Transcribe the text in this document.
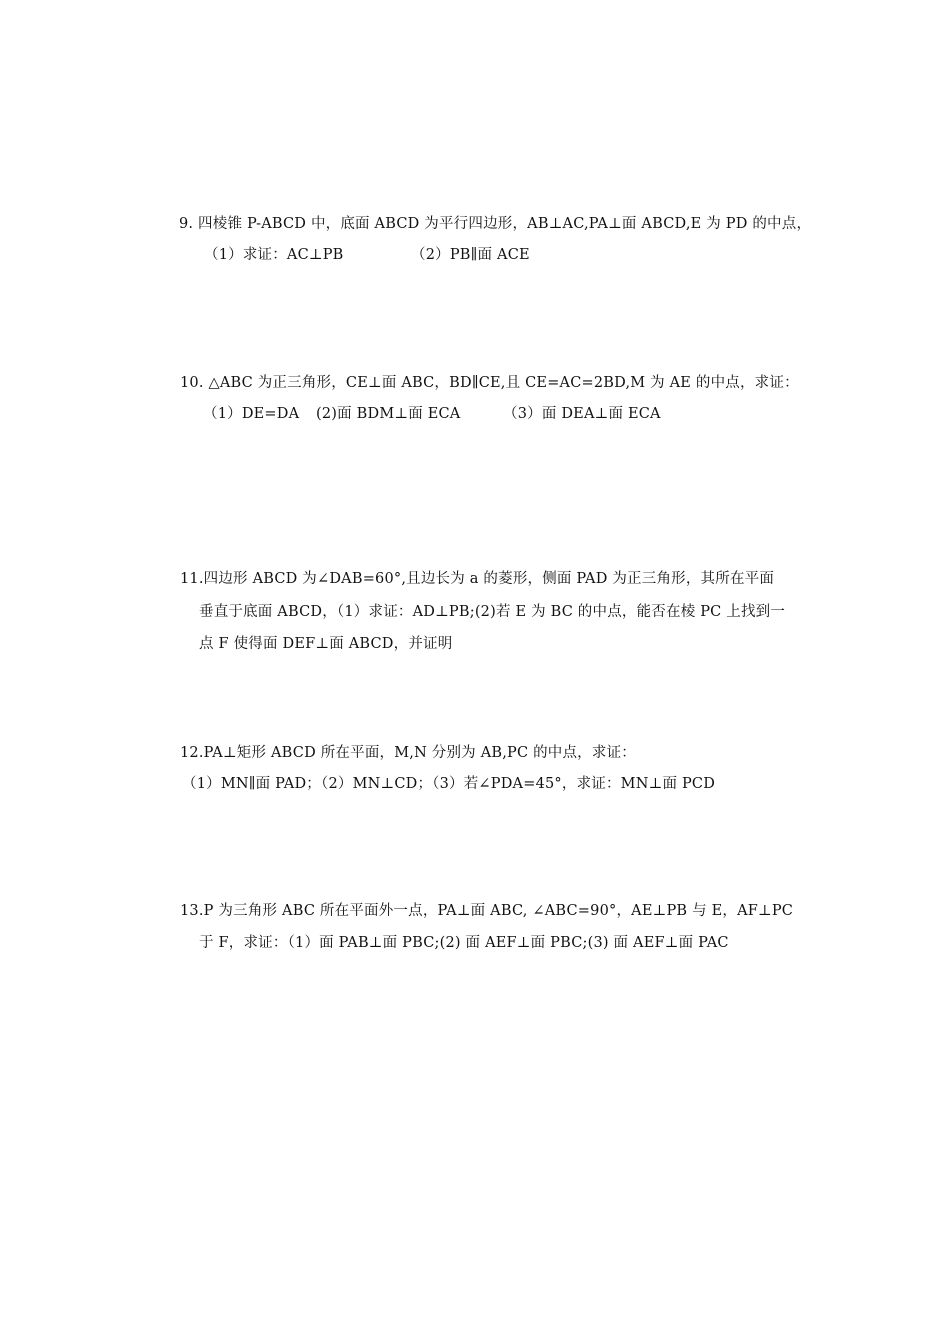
9. 四棱锥 P-ABCD 中，底面 ABCD 为平行四边形，AB⊥AC,PA⊥面 ABCD,E 为 PD 的中点，
（1）求证：AC⊥PB	（2）PB∥面 ACE
10. △ABC 为正三角形，CE⊥面 ABC，BD∥CE,且 CE=AC=2BD,M 为 AE 的中点，求证：
（1）DE=DA (2)面 BDM⊥面 ECA	（3）面 DEA⊥面 ECA
11.四边形 ABCD 为∠DAB=60°,且边长为 a 的菱形，侧面 PAD 为正三角形，其所在平面
垂直于底面 ABCD，（1）求证：AD⊥PB;(2)若 E 为 BC 的中点，能否在棱 PC 上找到一
点 F 使得面 DEF⊥面 ABCD，并证明
12.PA⊥矩形 ABCD 所在平面，M,N 分别为 AB,PC 的中点，求证：
（1）MN∥面 PAD；（2）MN⊥CD；（3）若∠PDA=45°，求证：MN⊥面 PCD
13.P 为三角形 ABC 所在平面外一点，PA⊥面 ABC, ∠ABC=90°，AE⊥PB 与 E，AF⊥PC
于 F，求证：（1）面 PAB⊥面 PBC;(2) 面 AEF⊥面 PBC;(3) 面 AEF⊥面 PAC
